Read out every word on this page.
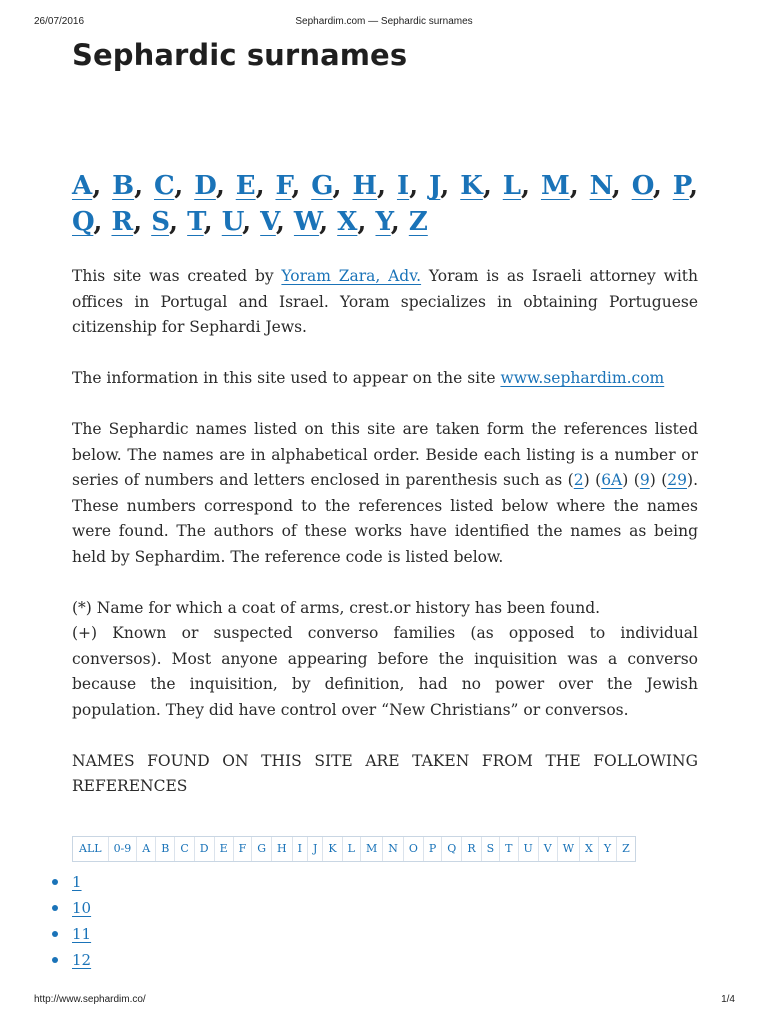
26/07/2016	Sephardim.com — Sephardic surnames
Sephardic surnames
A, B, C, D, E, F, G, H, I, J, K, L, M, N, O, P, Q, R, S, T, U, V, W, X, Y, Z

This site was created by Yoram Zara, Adv. Yoram is as Israeli attorney with offices in Portugal and Israel. Yoram specializes in obtaining Portuguese citizenship for Sephardi Jews.

The information in this site used to appear on the site www.sephardim.com

The Sephardic names listed on this site are taken form the references listed below. The names are in alphabetical order. Beside each listing is a number or series of numbers and letters enclosed in parenthesis such as (2) (6A) (9) (29). These numbers correspond to the references listed below where the names were found. The authors of these works have identified the names as being held by Sephardim. The reference code is listed below.

(*) Name for which a coat of arms, crest.or history has been found.

(+) Known or suspected converso families (as opposed to individual conversos). Most anyone appearing before the inquisition was a converso because the inquisition, by definition, had no power over the Jewish population. They did have control over “New Christians” or conversos.

NAMES FOUND ON THIS SITE ARE TAKEN FROM THE FOLLOWING REFERENCES

ALL	0-9	A	B	C	D	E	F	G	H	I	J	K	L	M	N	O	P	Q	R	S	T	U	V	W	X	Y	Z
1
10
11
12
http://www.sephardim.co/	1/4
